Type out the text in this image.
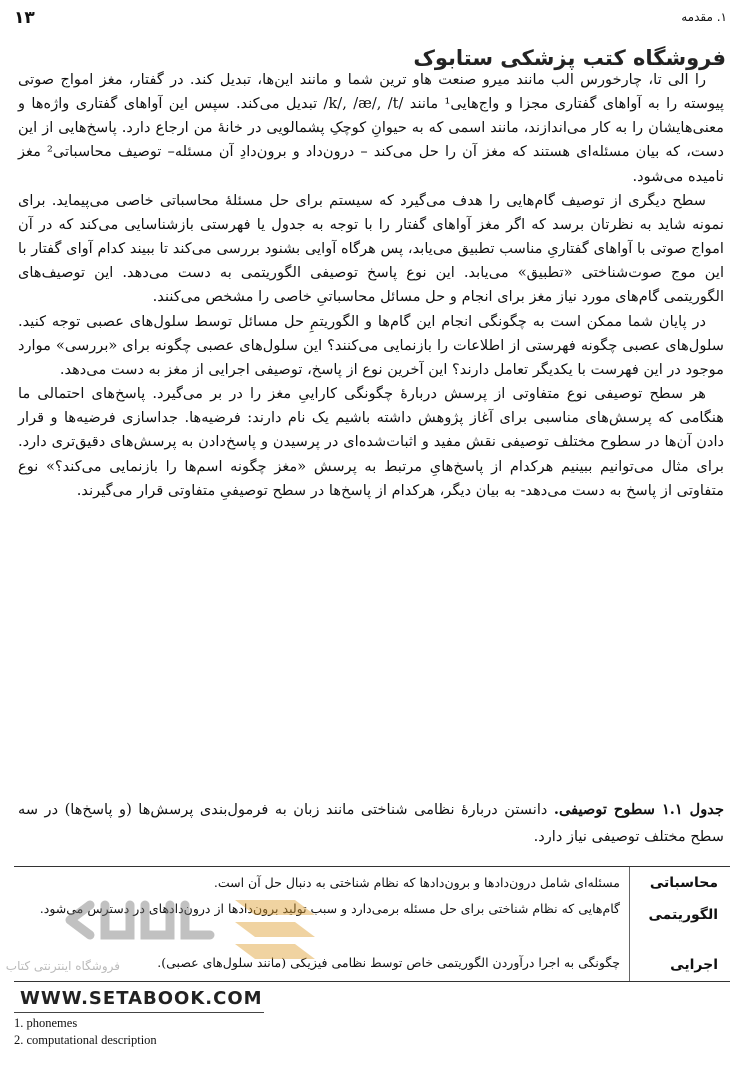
۱۳	۱. مقدمه
فروشگاه کتب پزشکی ستابوک

را الی تا، چارخورس الب مانند میرو صنعت هاو ترین شما و مانند این‌ها، تبدیل کند. در گفتار، مغز امواج صوتی پیوسته را به آواهای گفتاری مجزا و واج‌هایی¹ مانند /k/, /æ/, /t/ تبدیل می‌کند. سپس این آواهای گفتاری واژه‌ها و معنی‌هایشان را به کار می‌اندازند، مانند اسمی که به حیوانِ کوچکِ پشمالویی در خانهٔ من ارجاع دارد. پاسخ‌هایی از این دست، که بیان مسئله‌ای هستند که مغز آن را حل می‌کند – درون‌داد و برون‌دادِ آن مسئله– توصیف محاسباتی² مغز نامیده می‌شود.

سطح دیگری از توصیف گام‌هایی را هدف می‌گیرد که سیستم برای حل مسئلهٔ محاسباتی خاصی می‌پیماید. برای نمونه شاید به نظرتان برسد که اگر مغز آواهای گفتار را با توجه به جدول یا فهرستی بازشناسایی می‌کند که در آن امواج صوتی با آواهای گفتاریِ مناسب تطبیق می‌یابد، پس هرگاه آوایی بشنود بررسی می‌کند تا ببیند کدام آوای گفتار با این موج صوت‌شناختی «تطبیق» می‌یابد. این نوع پاسخ توصیفی الگوریتمی به دست می‌دهد. این توصیف‌های الگوریتمی گام‌های مورد نیاز مغز برای انجام و حل مسائل محاسباتیِ خاصی را مشخص می‌کنند.

در پایان شما ممکن است به چگونگی انجام این گام‌ها و الگوریتمِ حل مسائل توسط سلول‌های عصبی توجه کنید. سلول‌های عصبی چگونه فهرستی از اطلاعات را بازنمایی می‌کنند؟ این سلول‌های عصبی چگونه برای «بررسی» موارد موجود در این فهرست با یکدیگر تعامل دارند؟ این آخرین نوع از پاسخ، توصیفی اجرایی از مغز به دست می‌دهد.

هر سطح توصیفی نوع متفاوتی از پرسش دربارهٔ چگونگی کاراییِ مغز را در بر می‌گیرد. پاسخ‌های احتمالی ما هنگامی که پرسش‌های مناسبی برای آغاز پژوهش داشته باشیم یک نام دارند: فرضیه‌ها. جداسازی فرضیه‌ها و قرار دادن آن‌ها در سطوح مختلف توصیفی نقش مفید و اثبات‌شده‌ای در پرسیدن و پاسخ‌دادن به پرسش‌های دقیق‌تری دارد. برای مثال می‌توانیم ببینیم هرکدام از پاسخ‌هایِ مرتبط به پرسش «مغز چگونه اسم‌ها را بازنمایی می‌کند؟» نوع متفاوتی از پاسخ به دست می‌دهد- به بیان دیگر، هرکدام از پاسخ‌ها در سطح توصیفیِ متفاوتی قرار می‌گیرند.

جدول ۱.۱ سطوح توصیفی. دانستن دربارهٔ نظامی شناختی مانند زبان به فرمول‌بندی پرسش‌ها (و پاسخ‌ها) در سه سطح مختلف توصیفی نیاز دارد.
محاسباتی
مسئله‌ای شامل درون‌دادها و برون‌دادها که نظام شناختی به دنبال حل آن است.
الگوریتمی
گام‌هایی که نظام شناختی برای حل مسئله برمی‌دارد و سبب تولید برون‌دادها از درون‌دادهای در دسترس می‌شود.
اجرایی
چگونگی به اجرا درآوردن الگوریتمی خاص توسط نظامی فیزیکی (مانند سلول‌های عصبی).
فروشگاه اینترنتی کتاب
WWW.SETABOOK.COM
1. phonemes
2. computational description
